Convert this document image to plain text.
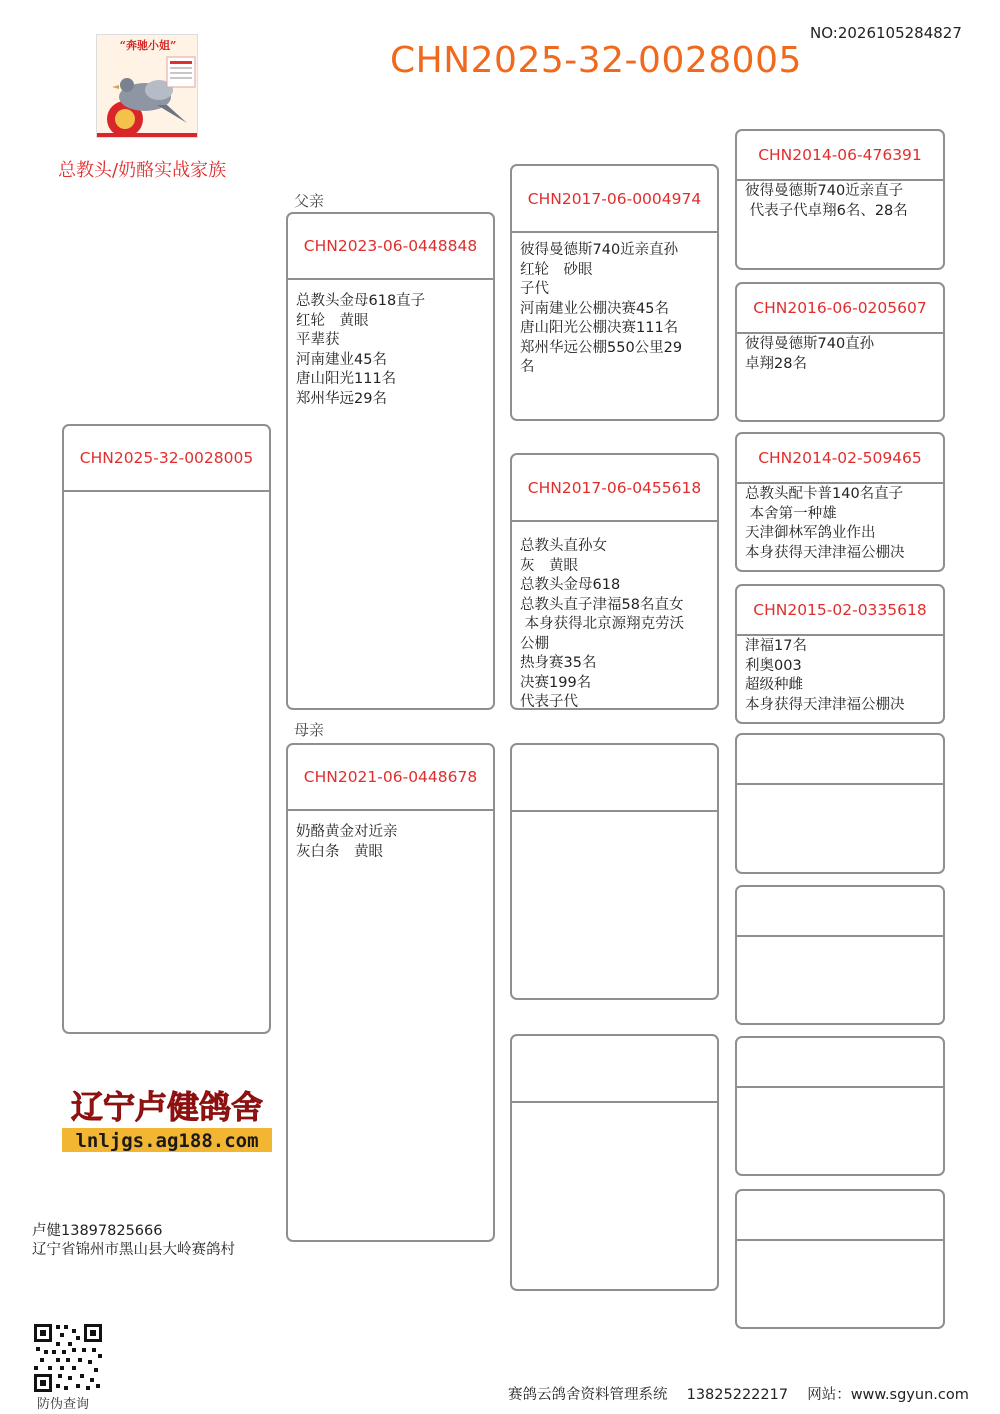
NO:2026105284827
CHN2025-32-0028005
“奔驰小姐”
总教头/奶酪实战家族
父亲
母亲
CHN2025-32-0028005
CHN2023-06-0448848
总教头金母618直子
红轮　黄眼
平辈获
河南建业45名
唐山阳光111名
郑州华远29名
CHN2021-06-0448678
奶酪黄金对近亲
灰白条　黄眼
CHN2017-06-0004974
彼得曼德斯740近亲直孙
红轮　砂眼
子代
河南建业公棚决赛45名
唐山阳光公棚决赛111名
郑州华远公棚550公里29
名
CHN2017-06-0455618
总教头直孙女
灰　黄眼
总教头金母618
总教头直子津福58名直女
本身获得北京源翔克劳沃
公棚
热身赛35名
决赛199名
代表子代
CHN2014-06-476391
彼得曼德斯740近亲直子
代表子代卓翔6名、28名
CHN2016-06-0205607
彼得曼德斯740直孙
卓翔28名
CHN2014-02-509465
总教头配卡普140名直子
本舍第一种雄
天津御林军鸽业作出
本身获得天津津福公棚决
CHN2015-02-0335618
津福17名
利奥003
超级种雌
本身获得天津津福公棚决
辽宁卢健鸽舍
lnljgs.ag188.com
卢健13897825666
辽宁省锦州市黑山县大岭赛鸽村
防伪查询
赛鸽云鸽舍资料管理系统　 13825222217　 网站：www.sgyun.com
